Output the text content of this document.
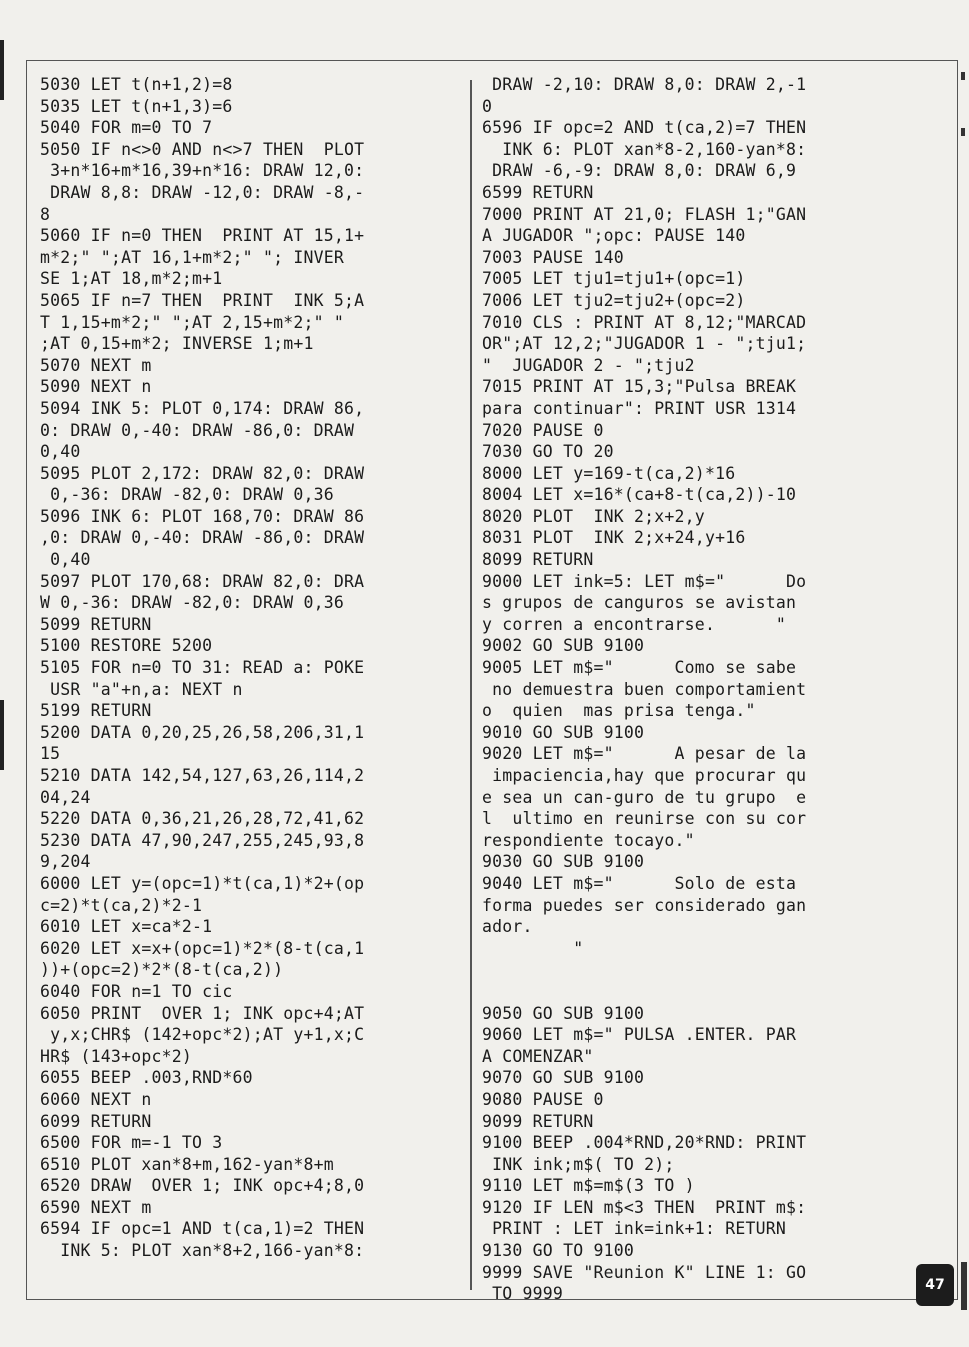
5030 LET t(n+1,2)=8
5035 LET t(n+1,3)=6
5040 FOR m=0 TO 7
5050 IF n<>0 AND n<>7 THEN  PLOT
3+n*16+m*16,39+n*16: DRAW 12,0:
DRAW 8,8: DRAW -12,0: DRAW -8,-
8
5060 IF n=0 THEN  PRINT AT 15,1+
m*2;" ";AT 16,1+m*2;" "; INVER
SE 1;AT 18,m*2;m+1
5065 IF n=7 THEN  PRINT  INK 5;A
T 1,15+m*2;" ";AT 2,15+m*2;" "
;AT 0,15+m*2; INVERSE 1;m+1
5070 NEXT m
5090 NEXT n
5094 INK 5: PLOT 0,174: DRAW 86,
0: DRAW 0,-40: DRAW -86,0: DRAW
0,40
5095 PLOT 2,172: DRAW 82,0: DRAW
0,-36: DRAW -82,0: DRAW 0,36
5096 INK 6: PLOT 168,70: DRAW 86
,0: DRAW 0,-40: DRAW -86,0: DRAW
0,40
5097 PLOT 170,68: DRAW 82,0: DRA
W 0,-36: DRAW -82,0: DRAW 0,36
5099 RETURN
5100 RESTORE 5200
5105 FOR n=0 TO 31: READ a: POKE
USR "a"+n,a: NEXT n
5199 RETURN
5200 DATA 0,20,25,26,58,206,31,1
15
5210 DATA 142,54,127,63,26,114,2
04,24
5220 DATA 0,36,21,26,28,72,41,62
5230 DATA 47,90,247,255,245,93,8
9,204
6000 LET y=(opc=1)*t(ca,1)*2+(op
c=2)*t(ca,2)*2-1
6010 LET x=ca*2-1
6020 LET x=x+(opc=1)*2*(8-t(ca,1
))+(opc=2)*2*(8-t(ca,2))
6040 FOR n=1 TO cic
6050 PRINT  OVER 1; INK opc+4;AT
y,x;CHR$ (142+opc*2);AT y+1,x;C
HR$ (143+opc*2)
6055 BEEP .003,RND*60
6060 NEXT n
6099 RETURN
6500 FOR m=-1 TO 3
6510 PLOT xan*8+m,162-yan*8+m
6520 DRAW  OVER 1; INK opc+4;8,0
6590 NEXT m
6594 IF opc=1 AND t(ca,1)=2 THEN
INK 5: PLOT xan*8+2,166-yan*8:
DRAW -2,10: DRAW 8,0: DRAW 2,-1
0
6596 IF opc=2 AND t(ca,2)=7 THEN
INK 6: PLOT xan*8-2,160-yan*8:
DRAW -6,-9: DRAW 8,0: DRAW 6,9
6599 RETURN
7000 PRINT AT 21,0; FLASH 1;"GAN
A JUGADOR ";opc: PAUSE 140
7003 PAUSE 140
7005 LET tju1=tju1+(opc=1)
7006 LET tju2=tju2+(opc=2)
7010 CLS : PRINT AT 8,12;"MARCAD
OR";AT 12,2;"JUGADOR 1 - ";tju1;
"  JUGADOR 2 - ";tju2
7015 PRINT AT 15,3;"Pulsa BREAK
para continuar": PRINT USR 1314
7020 PAUSE 0
7030 GO TO 20
8000 LET y=169-t(ca,2)*16
8004 LET x=16*(ca+8-t(ca,2))-10
8020 PLOT  INK 2;x+2,y
8031 PLOT  INK 2;x+24,y+16
8099 RETURN
9000 LET ink=5: LET m$="      Do
s grupos de canguros se avistan
y corren a encontrarse.      "
9002 GO SUB 9100
9005 LET m$="      Como se sabe
no demuestra buen comportamient
o  quien  mas prisa tenga."
9010 GO SUB 9100
9020 LET m$="      A pesar de la
impaciencia,hay que procurar qu
e sea un can-guro de tu grupo  e
l  ultimo en reunirse con su cor
respondiente tocayo."
9030 GO SUB 9100
9040 LET m$="      Solo de esta
forma puedes ser considerado gan
ador.
"

9050 GO SUB 9100
9060 LET m$=" PULSA .ENTER. PAR
A COMENZAR"
9070 GO SUB 9100
9080 PAUSE 0
9099 RETURN
9100 BEEP .004*RND,20*RND: PRINT
INK ink;m$( TO 2);
9110 LET m$=m$(3 TO )
9120 IF LEN m$<3 THEN  PRINT m$:
PRINT : LET ink=ink+1: RETURN
9130 GO TO 9100
9999 SAVE "Reunion K" LINE 1: GO
TO 9999	47
